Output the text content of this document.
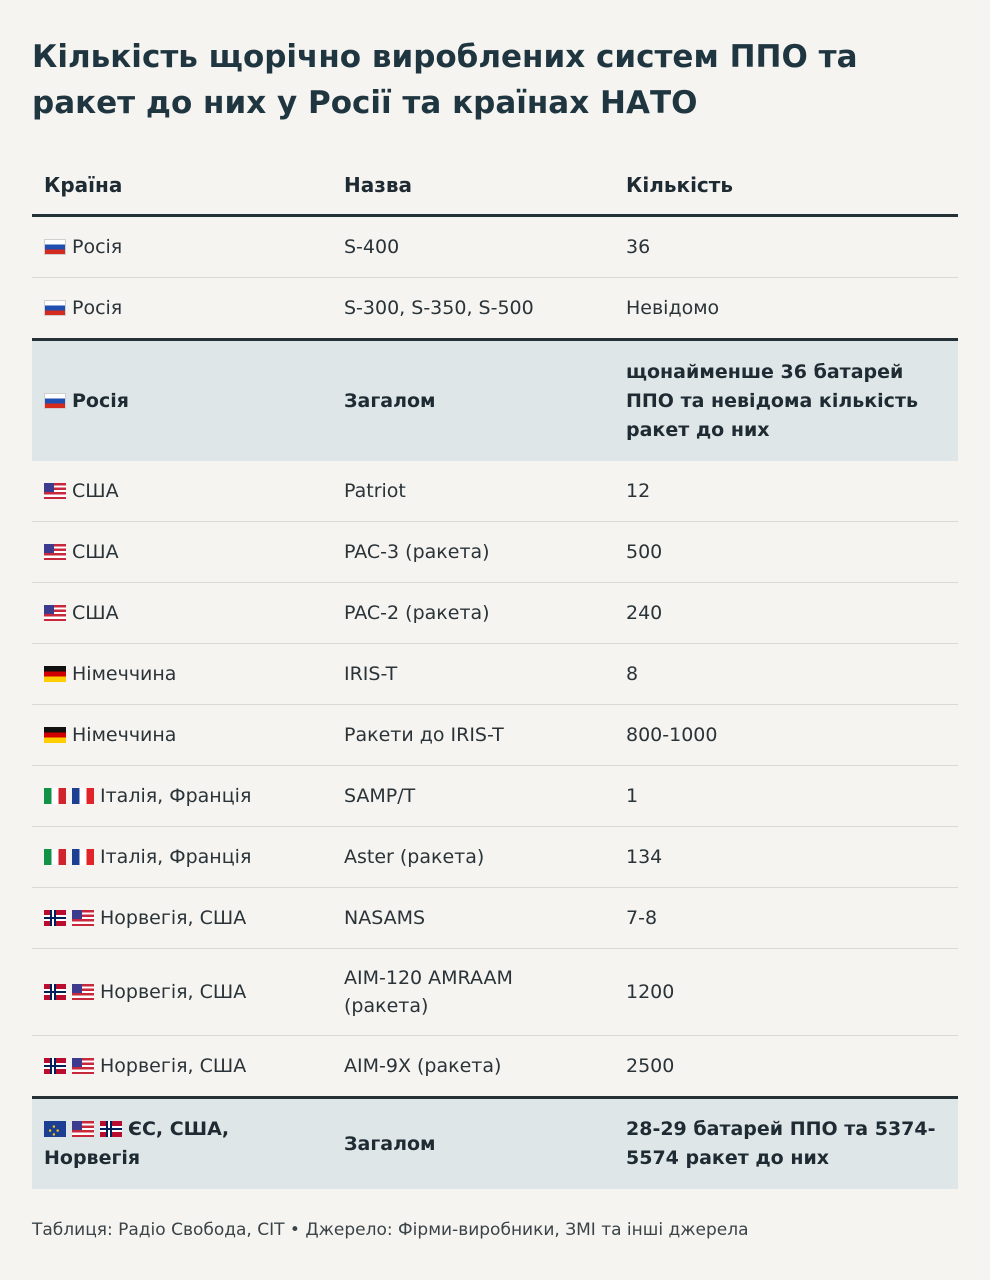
Кількість щорічно вироблених систем ППО та ракет до них у Росії та країнах НАТО
Країна	Назва	Кількість
Росія	S-400	36
Росія	S-300, S-350, S-500	Невідомо
Росія	Загалом	щонайменше 36 батарей ППО та невідома кількість ракет до них
США	Patriot	12
США	PAC-3 (ракета)	500
США	PAC-2 (ракета)	240
Німеччина	IRIS-T	8
Німеччина	Ракети до IRIS-T	800-1000
Італія, Франція	SAMP/T	1
Італія, Франція	Aster (ракета)	134

Норвегія, США	NASAMS	7-8

Норвегія, США	AIM-120 AMRAAM (ракета)	1200

Норвегія, США	AIM-9X (ракета)	2500
⁘
ЄС, США, Норвегія	Загалом	28-29 батарей ППО та 5374-5574 ракет до них
Таблиця: Радіо Свобода, CIT • Джерело: Фірми-виробники, ЗМІ та інші джерела
